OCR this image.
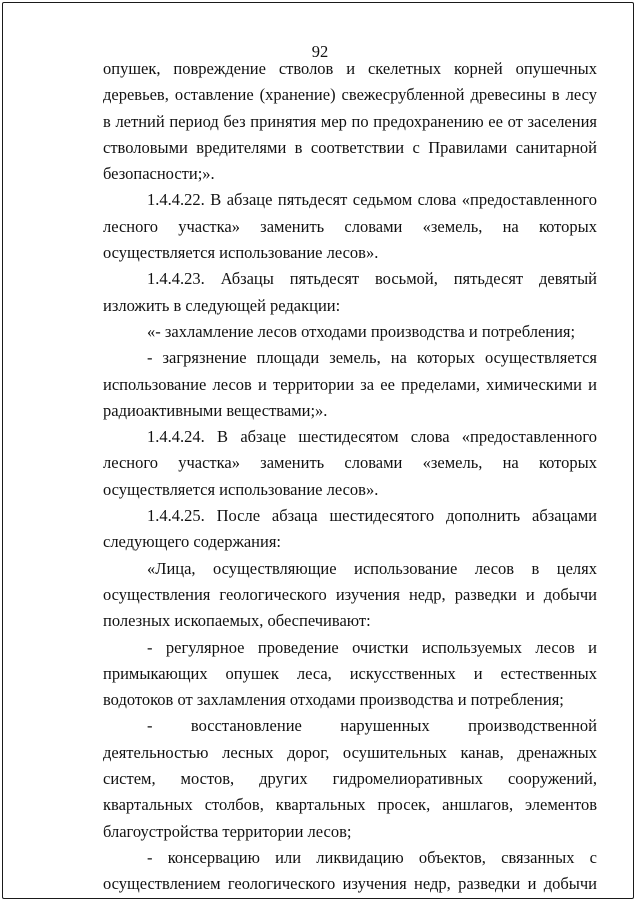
92

опушек, повреждение стволов и скелетных корней опушечных деревьев, оставление (хранение) свежесрубленной древесины в лесу в летний период без принятия мер по предохранению ее от заселения стволовыми вредителями в соответствии с Правилами санитарной безопасности;».

1.4.4.22. В абзаце пятьдесят седьмом слова «предоставленного лесного участка» заменить словами «земель, на которых осуществляется использование лесов».

1.4.4.23. Абзацы пятьдесят восьмой, пятьдесят девятый изложить в следующей редакции:

«- захламление лесов отходами производства и потребления;

- загрязнение площади земель, на которых осуществляется использование лесов и территории за ее пределами, химическими и радиоактивными веществами;».

1.4.4.24. В абзаце шестидесятом слова «предоставленного лесного участка» заменить словами «земель, на которых осуществляется использование лесов».

1.4.4.25. После абзаца шестидесятого дополнить абзацами следующего содержания:

«Лица, осуществляющие использование лесов в целях осуществления геологического изучения недр, разведки и добычи полезных ископаемых, обеспечивают:

- регулярное проведение очистки используемых лесов и примыкающих опушек леса, искусственных и естественных водотоков от захламления отходами производства и потребления;

- восстановление нарушенных производственной деятельностью лесных дорог, осушительных канав, дренажных систем, мостов, других гидромелиоративных сооружений, квартальных столбов, квартальных просек, аншлагов, элементов благоустройства территории лесов;

- консервацию или ликвидацию объектов, связанных с осуществлением геологического изучения недр, разведки и добычи
